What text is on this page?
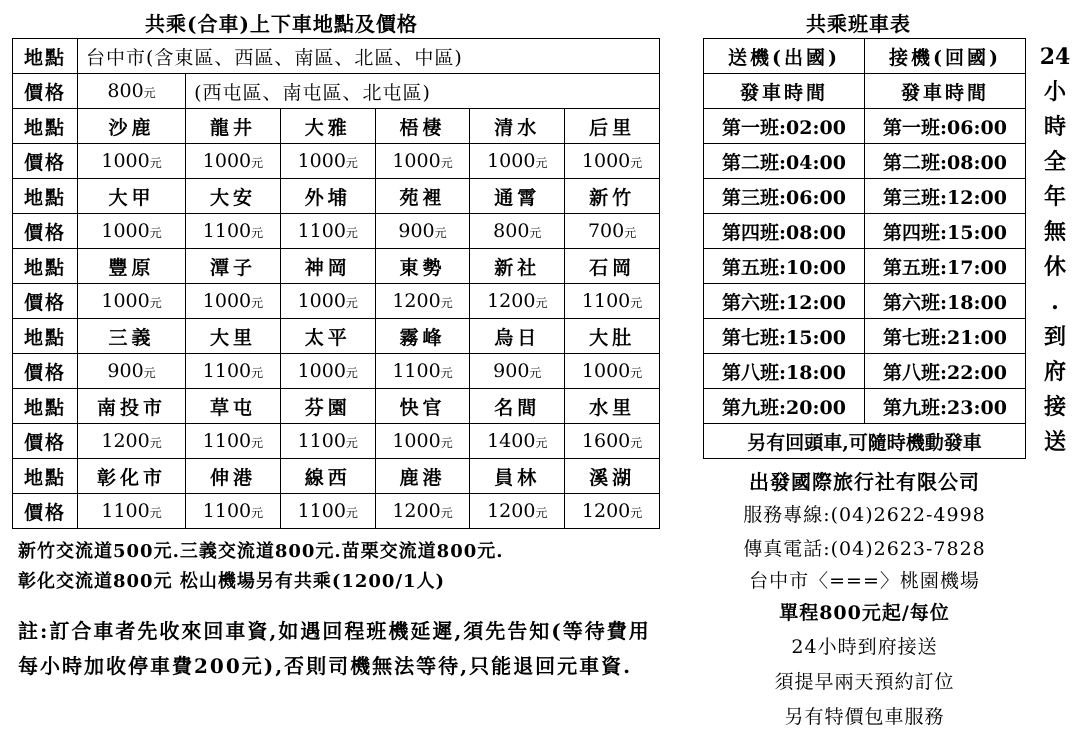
共乘(合車)上下車地點及價格
地點	台中市(含東區、西區、南區、北區、中區)					
價格	800元	(西屯區、南屯區、北屯區)				
地點	沙鹿	龍井	大雅	梧棲	清水	后里
價格	1000元	1000元	1000元	1000元	1000元	1000元
地點	大甲	大安	外埔	苑裡	通霄	新竹
價格	1000元	1100元	1100元	900元	800元	700元
地點	豐原	潭子	神岡	東勢	新社	石岡
價格	1000元	1000元	1000元	1200元	1200元	1100元
地點	三義	大里	太平	霧峰	烏日	大肚
價格	900元	1100元	1000元	1100元	900元	1000元
地點	南投市	草屯	芬園	快官	名間	水里
價格	1200元	1100元	1100元	1000元	1400元	1600元
地點	彰化市	伸港	線西	鹿港	員林	溪湖
價格	1100元	1100元	1100元	1200元	1200元	1200元
新竹交流道500元.三義交流道800元.苗栗交流道800元.
彰化交流道800元 松山機場另有共乘(1200/1人)
註:訂合車者先收來回車資,如遇回程班機延遲,須先告知(等待費用每小時加收停車費200元),否則司機無法等待,只能退回元車資.
共乘班車表
送機(出國)	接機(回國)
發車時間	發車時間
第一班:02:00	第一班:06:00
第二班:04:00	第二班:08:00
第三班:06:00	第三班:12:00
第四班:08:00	第四班:15:00
第五班:10:00	第五班:17:00
第六班:12:00	第六班:18:00
第七班:15:00	第七班:21:00
第八班:18:00	第八班:22:00
第九班:20:00	第九班:23:00
另有回頭車,可隨時機動發車	
24
小
時
全
年
無
休
.
到
府
接
送
出發國際旅行社有限公司
服務專線:(04)2622-4998
傳真電話:(04)2623-7828
台中市〈===〉桃園機場
單程800元起/每位
24小時到府接送
須提早兩天預約訂位
另有特價包車服務
